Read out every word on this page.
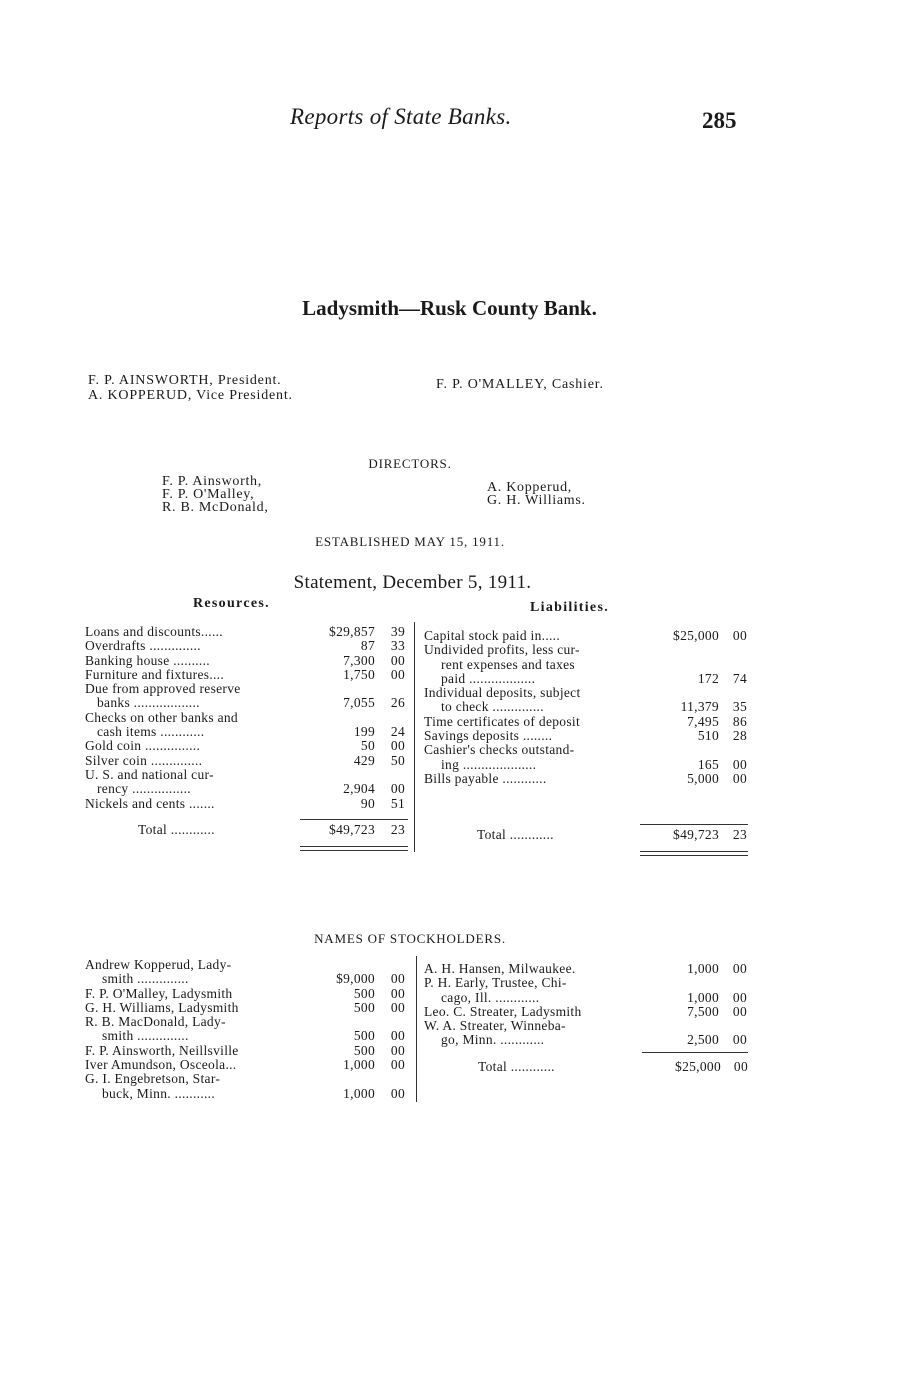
Reports of State Banks.	285
Ladysmith—Rusk County Bank.
F. P. AINSWORTH, President.
A. KOPPERUD, Vice President.
F. P. O'MALLEY, Cashier.
DIRECTORS.
F. P. Ainsworth,
F. P. O'Malley,
R. B. McDonald,
A. Kopperud,
G. H. Williams.
ESTABLISHED MAY 15, 1911.
Statement, December 5, 1911.
Resources.	Liabilities.
Loans and discounts......	$29,857	39
Overdrafts ..............	87	33
Banking house ..........	7,300	00
Furniture and fixtures....	1,750	00
Due from approved reserve
banks ..................	7,055	26
Checks on other banks and
cash items ............	199	24
Gold coin ...............	50	00
Silver coin ..............	429	50
U. S. and national cur-
rency ................	2,904	00
Nickels and cents .......	90	51
Total ............	$49,723	23
Capital stock paid in.....	$25,000	00
Undivided profits, less cur-
rent expenses and taxes
paid ..................	172	74
Individual deposits, subject
to check ..............	11,379	35
Time certificates of deposit	7,495	86
Savings deposits ........	510	28
Cashier's checks outstand-
ing ....................	165	00
Bills payable ............	5,000	00
Total ............	$49,723	23
NAMES OF STOCKHOLDERS.
Andrew Kopperud, Lady-
smith ..............	$9,000	00
F. P. O'Malley, Ladysmith	500	00
G. H. Williams, Ladysmith	500	00
R. B. MacDonald, Lady-
smith ..............	500	00
F. P. Ainsworth, Neillsville	500	00
Iver Amundson, Osceola...	1,000	00
G. I. Engebretson, Star-
buck, Minn. ...........	1,000	00
A. H. Hansen, Milwaukee.	1,000	00
P. H. Early, Trustee, Chi-
cago, Ill. ............	1,000	00
Leo. C. Streater, Ladysmith	7,500	00
W. A. Streater, Winneba-
go, Minn. ............	2,500	00
Total ............	$25,000 00
